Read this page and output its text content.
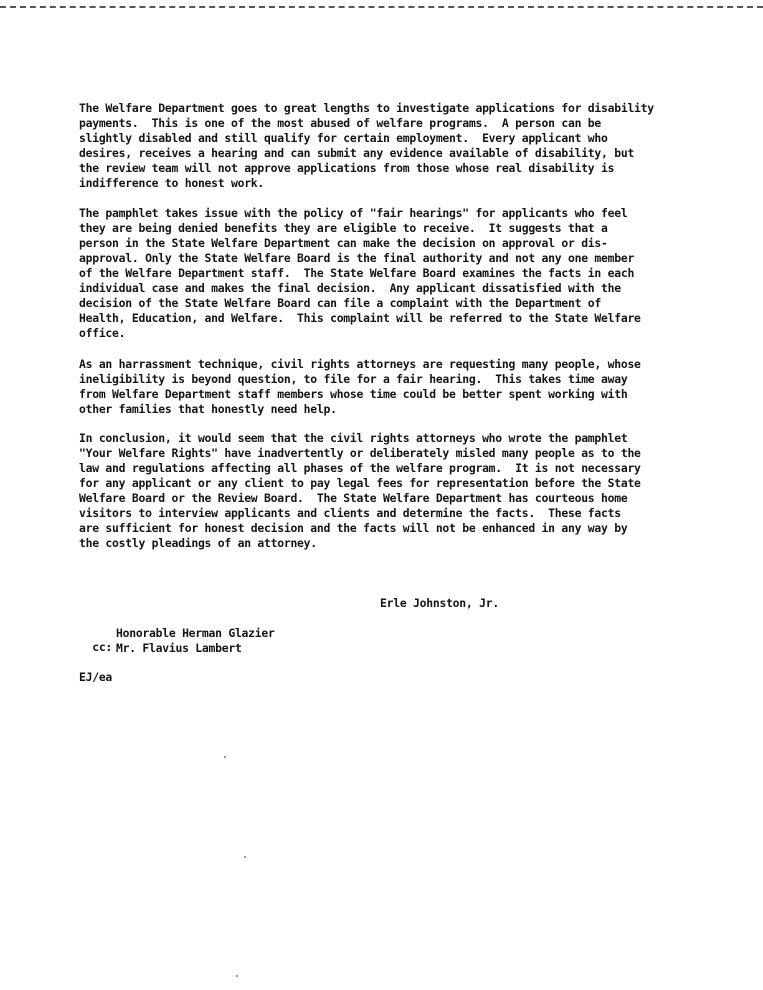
The Welfare Department goes to great lengths to investigate applications for disability

payments.  This is one of the most abused of welfare programs.  A person can be

slightly disabled and still qualify for certain employment.  Every applicant who

desires, receives a hearing and can submit any evidence available of disability, but

the review team will not approve applications from those whose real disability is

indifference to honest work.

The pamphlet takes issue with the policy of "fair hearings" for applicants who feel

they are being denied benefits they are eligible to receive.  It suggests that a

person in the State Welfare Department can make the decision on approval or dis-

approval. Only the State Welfare Board is the final authority and not any one member

of the Welfare Department staff.  The State Welfare Board examines the facts in each

individual case and makes the final decision.  Any applicant dissatisfied with the

decision of the State Welfare Board can file a complaint with the Department of

Health, Education, and Welfare.  This complaint will be referred to the State Welfare

office.

As an harrassment technique, civil rights attorneys are requesting many people, whose

ineligibility is beyond question, to file for a fair hearing.  This takes time away

from Welfare Department staff members whose time could be better spent working with

other families that honestly need help.

In conclusion, it would seem that the civil rights attorneys who wrote the pamphlet

"Your Welfare Rights" have inadvertently or deliberately misled many people as to the

law and regulations affecting all phases of the welfare program.  It is not necessary

for any applicant or any client to pay legal fees for representation before the State

Welfare Board or the Review Board.  The State Welfare Department has courteous home

visitors to interview applicants and clients and determine the facts.  These facts

are sufficient for honest decision and the facts will not be enhanced in any way by

the costly pleadings of an attorney.

Erle Johnston, Jr.

cc:

Honorable Herman Glazier

Mr. Flavius Lambert

EJ/ea
